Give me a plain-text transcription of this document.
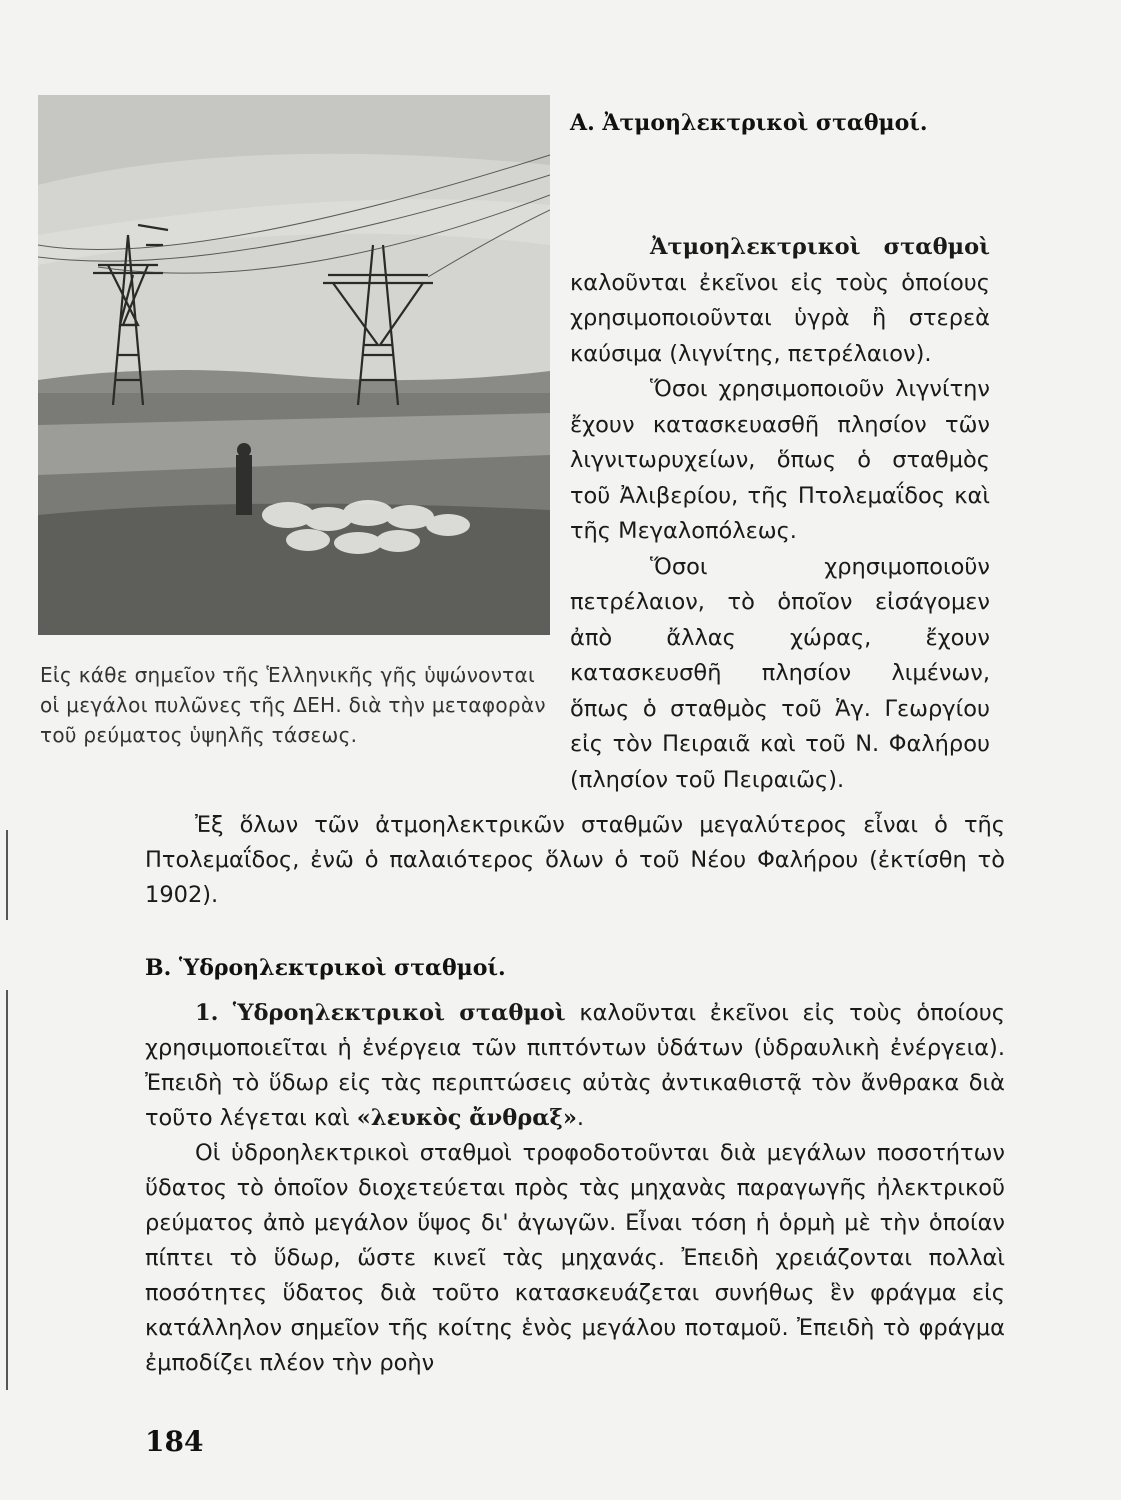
Εἰς κάθε σημεῖον τῆς Ἑλληνικῆς γῆς ὑψώνονται οἱ μεγάλοι πυλῶνες τῆς ΔΕΗ. διὰ τὴν μεταφορὰν τοῦ ρεύματος ὑψηλῆς τάσεως.

Α. Ἀτμοηλεκτρικοὶ σταθμοί.

Ἀτμοηλεκτρικοὶ σταθμοὶ καλοῦνται ἐκεῖνοι εἰς τοὺς ὁποίους χρησιμοποιοῦνται ὑγρὰ ἢ στερεὰ καύσιμα (λιγνίτης, πετρέλαιον).

Ὅσοι χρησιμοποιοῦν λιγνίτην ἔχουν κατασκευασθῆ πλησίον τῶν λιγνιτωρυχείων, ὅπως ὁ σταθμὸς τοῦ Ἀλιβερίου, τῆς Πτολεμαΐδος καὶ τῆς Μεγαλοπόλεως.

Ὅσοι χρησιμοποιοῦν πετρέλαιον, τὸ ὁποῖον εἰσάγομεν ἀπὸ ἄλλας χώρας, ἔχουν κατασκευσθῆ πλησίον λιμένων, ὅπως ὁ σταθμὸς τοῦ Ἁγ. Γεωργίου εἰς τὸν Πειραιᾶ καὶ τοῦ Ν. Φαλήρου (πλησίον τοῦ Πειραιῶς).

Ἐξ ὅλων τῶν ἀτμοηλεκτρικῶν σταθμῶν μεγαλύτερος εἶναι ὁ τῆς Πτολεμαΐδος, ἐνῶ ὁ παλαιότερος ὅλων ὁ τοῦ Νέου Φαλήρου (ἐκτίσθη τὸ 1902).

Β. Ὑδροηλεκτρικοὶ σταθμοί.

1. Ὑδροηλεκτρικοὶ σταθμοὶ καλοῦνται ἐκεῖνοι εἰς τοὺς ὁποίους χρησιμοποιεῖται ἡ ἐνέργεια τῶν πιπτόντων ὑδάτων (ὑδραυλικὴ ἐνέργεια). Ἐπειδὴ τὸ ὕδωρ εἰς τὰς περιπτώσεις αὐτὰς ἀντικαθιστᾷ τὸν ἄνθρακα διὰ τοῦτο λέγεται καὶ «λευκὸς ἄνθραξ».

Οἱ ὑδροηλεκτρικοὶ σταθμοὶ τροφοδοτοῦνται διὰ μεγάλων ποσοτήτων ὕδατος τὸ ὁποῖον διοχετεύεται πρὸς τὰς μηχανὰς παραγωγῆς ἠλεκτρικοῦ ρεύματος ἀπὸ μεγάλον ὕψος δι' ἀγωγῶν. Εἶναι τόση ἡ ὁρμὴ μὲ τὴν ὁποίαν πίπτει τὸ ὕδωρ, ὥστε κινεῖ τὰς μηχανάς. Ἐπειδὴ χρειάζονται πολλαὶ ποσότητες ὕδατος διὰ τοῦτο κατασκευάζεται συνήθως ἓν φράγμα εἰς κατάλληλον σημεῖον τῆς κοίτης ἑνὸς μεγάλου ποταμοῦ. Ἐπειδὴ τὸ φράγμα ἐμποδίζει πλέον τὴν ροὴν

184
